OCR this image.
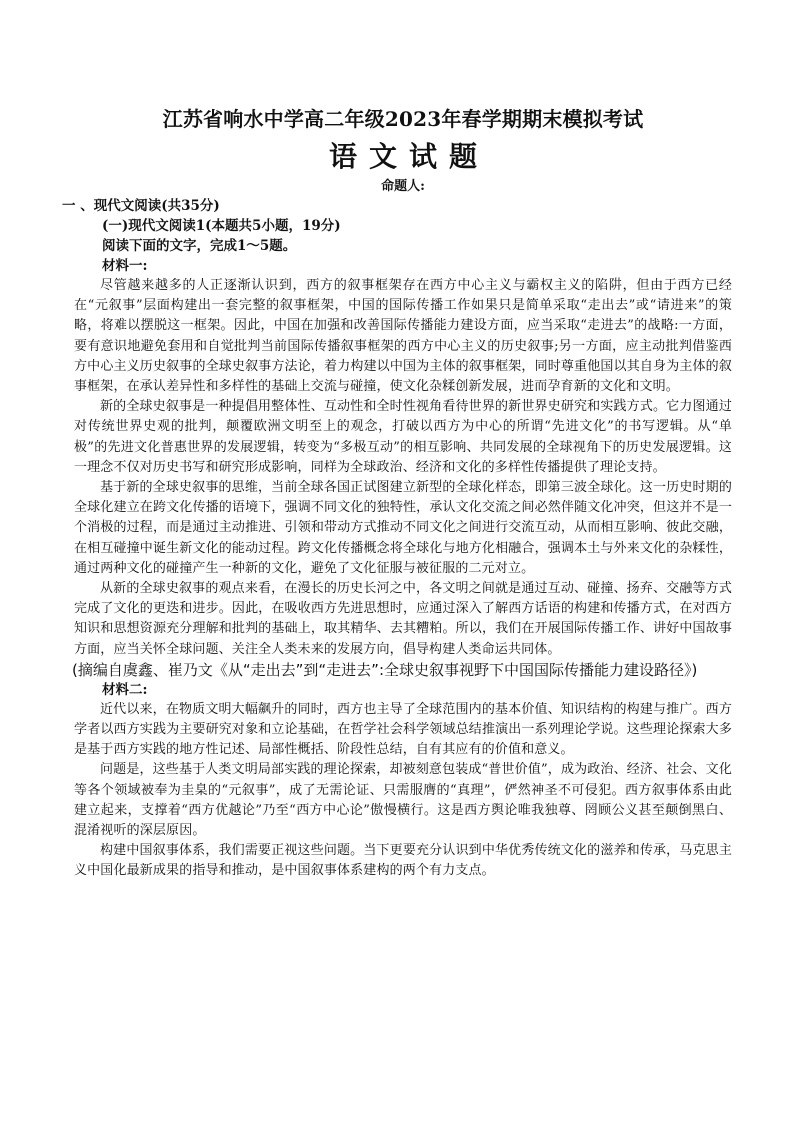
江苏省响水中学高二年级2023年春学期期末模拟考试

语文试题

命题人:

一 、现代文阅读(共35分)

(一)现代文阅读1(本题共5小题，19分)

阅读下面的文字，完成1～5题。

材料一:

尽管越来越多的人正逐渐认识到，西方的叙事框架存在西方中心主义与霸权主义的陷阱，但由于西方已经在“元叙事”层面构建出一套完整的叙事框架，中国的国际传播工作如果只是简单采取“走出去”或“请进来”的策略，将难以摆脱这一框架。因此，中国在加强和改善国际传播能力建设方面，应当采取“走进去”的战略:一方面，要有意识地避免套用和自觉批判当前国际传播叙事框架的西方中心主义的历史叙事;另一方面，应主动批判借鉴西方中心主义历史叙事的全球史叙事方法论，着力构建以中国为主体的叙事框架，同时尊重他国以其自身为主体的叙事框架，在承认差异性和多样性的基础上交流与碰撞，使文化杂糅创新发展，进而孕育新的文化和文明。

新的全球史叙事是一种提倡用整体性、互动性和全时性视角看待世界的新世界史研究和实践方式。它力图通过对传统世界史观的批判，颠覆欧洲文明至上的观念，打破以西方为中心的所谓“先进文化”的书写逻辑。从“单极”的先进文化普惠世界的发展逻辑，转变为“多极互动”的相互影响、共同发展的全球视角下的历史发展逻辑。这一理念不仅对历史书写和研究形成影响，同样为全球政治、经济和文化的多样性传播提供了理论支持。

基于新的全球史叙事的思维，当前全球各国正试图建立新型的全球化样态，即第三波全球化。这一历史时期的全球化建立在跨文化传播的语境下，强调不同文化的独特性，承认文化交流之间必然伴随文化冲突，但这并不是一个消极的过程，而是通过主动推进、引领和带动方式推动不同文化之间进行交流互动，从而相互影响、彼此交融，在相互碰撞中诞生新文化的能动过程。跨文化传播概念将全球化与地方化相融合，强调本土与外来文化的杂糅性，通过两种文化的碰撞产生一种新的文化，避免了文化征服与被征服的二元对立。

从新的全球史叙事的观点来看，在漫长的历史长河之中，各文明之间就是通过互动、碰撞、扬弃、交融等方式完成了文化的更迭和进步。因此，在吸收西方先进思想时，应通过深入了解西方话语的构建和传播方式，在对西方知识和思想资源充分理解和批判的基础上，取其精华、去其糟粕。所以，我们在开展国际传播工作、讲好中国故事方面，应当关怀全球问题、关注全人类未来的发展方向，倡导构建人类命运共同体。

(摘编自虞鑫、崔乃文《从“走出去”到“走进去”:全球史叙事视野下中国国际传播能力建设路径》)

材料二:

近代以来，在物质文明大幅飙升的同时，西方也主导了全球范围内的基本价值、知识结构的构建与推广。西方学者以西方实践为主要研究对象和立论基础，在哲学社会科学领域总结推演出一系列理论学说。这些理论探索大多是基于西方实践的地方性记述、局部性概括、阶段性总结，自有其应有的价值和意义。

问题是，这些基于人类文明局部实践的理论探索，却被刻意包装成“普世价值”，成为政治、经济、社会、文化等各个领域被奉为圭臬的“元叙事”，成了无需论证、只需服膺的“真理”，俨然神圣不可侵犯。西方叙事体系由此建立起来，支撑着“西方优越论”乃至“西方中心论”傲慢横行。这是西方舆论唯我独尊、罔顾公义甚至颠倒黑白、混淆视听的深层原因。

构建中国叙事体系，我们需要正视这些问题。当下更要充分认识到中华优秀传统文化的滋养和传承，马克思主义中国化最新成果的指导和推动，是中国叙事体系建构的两个有力支点。
